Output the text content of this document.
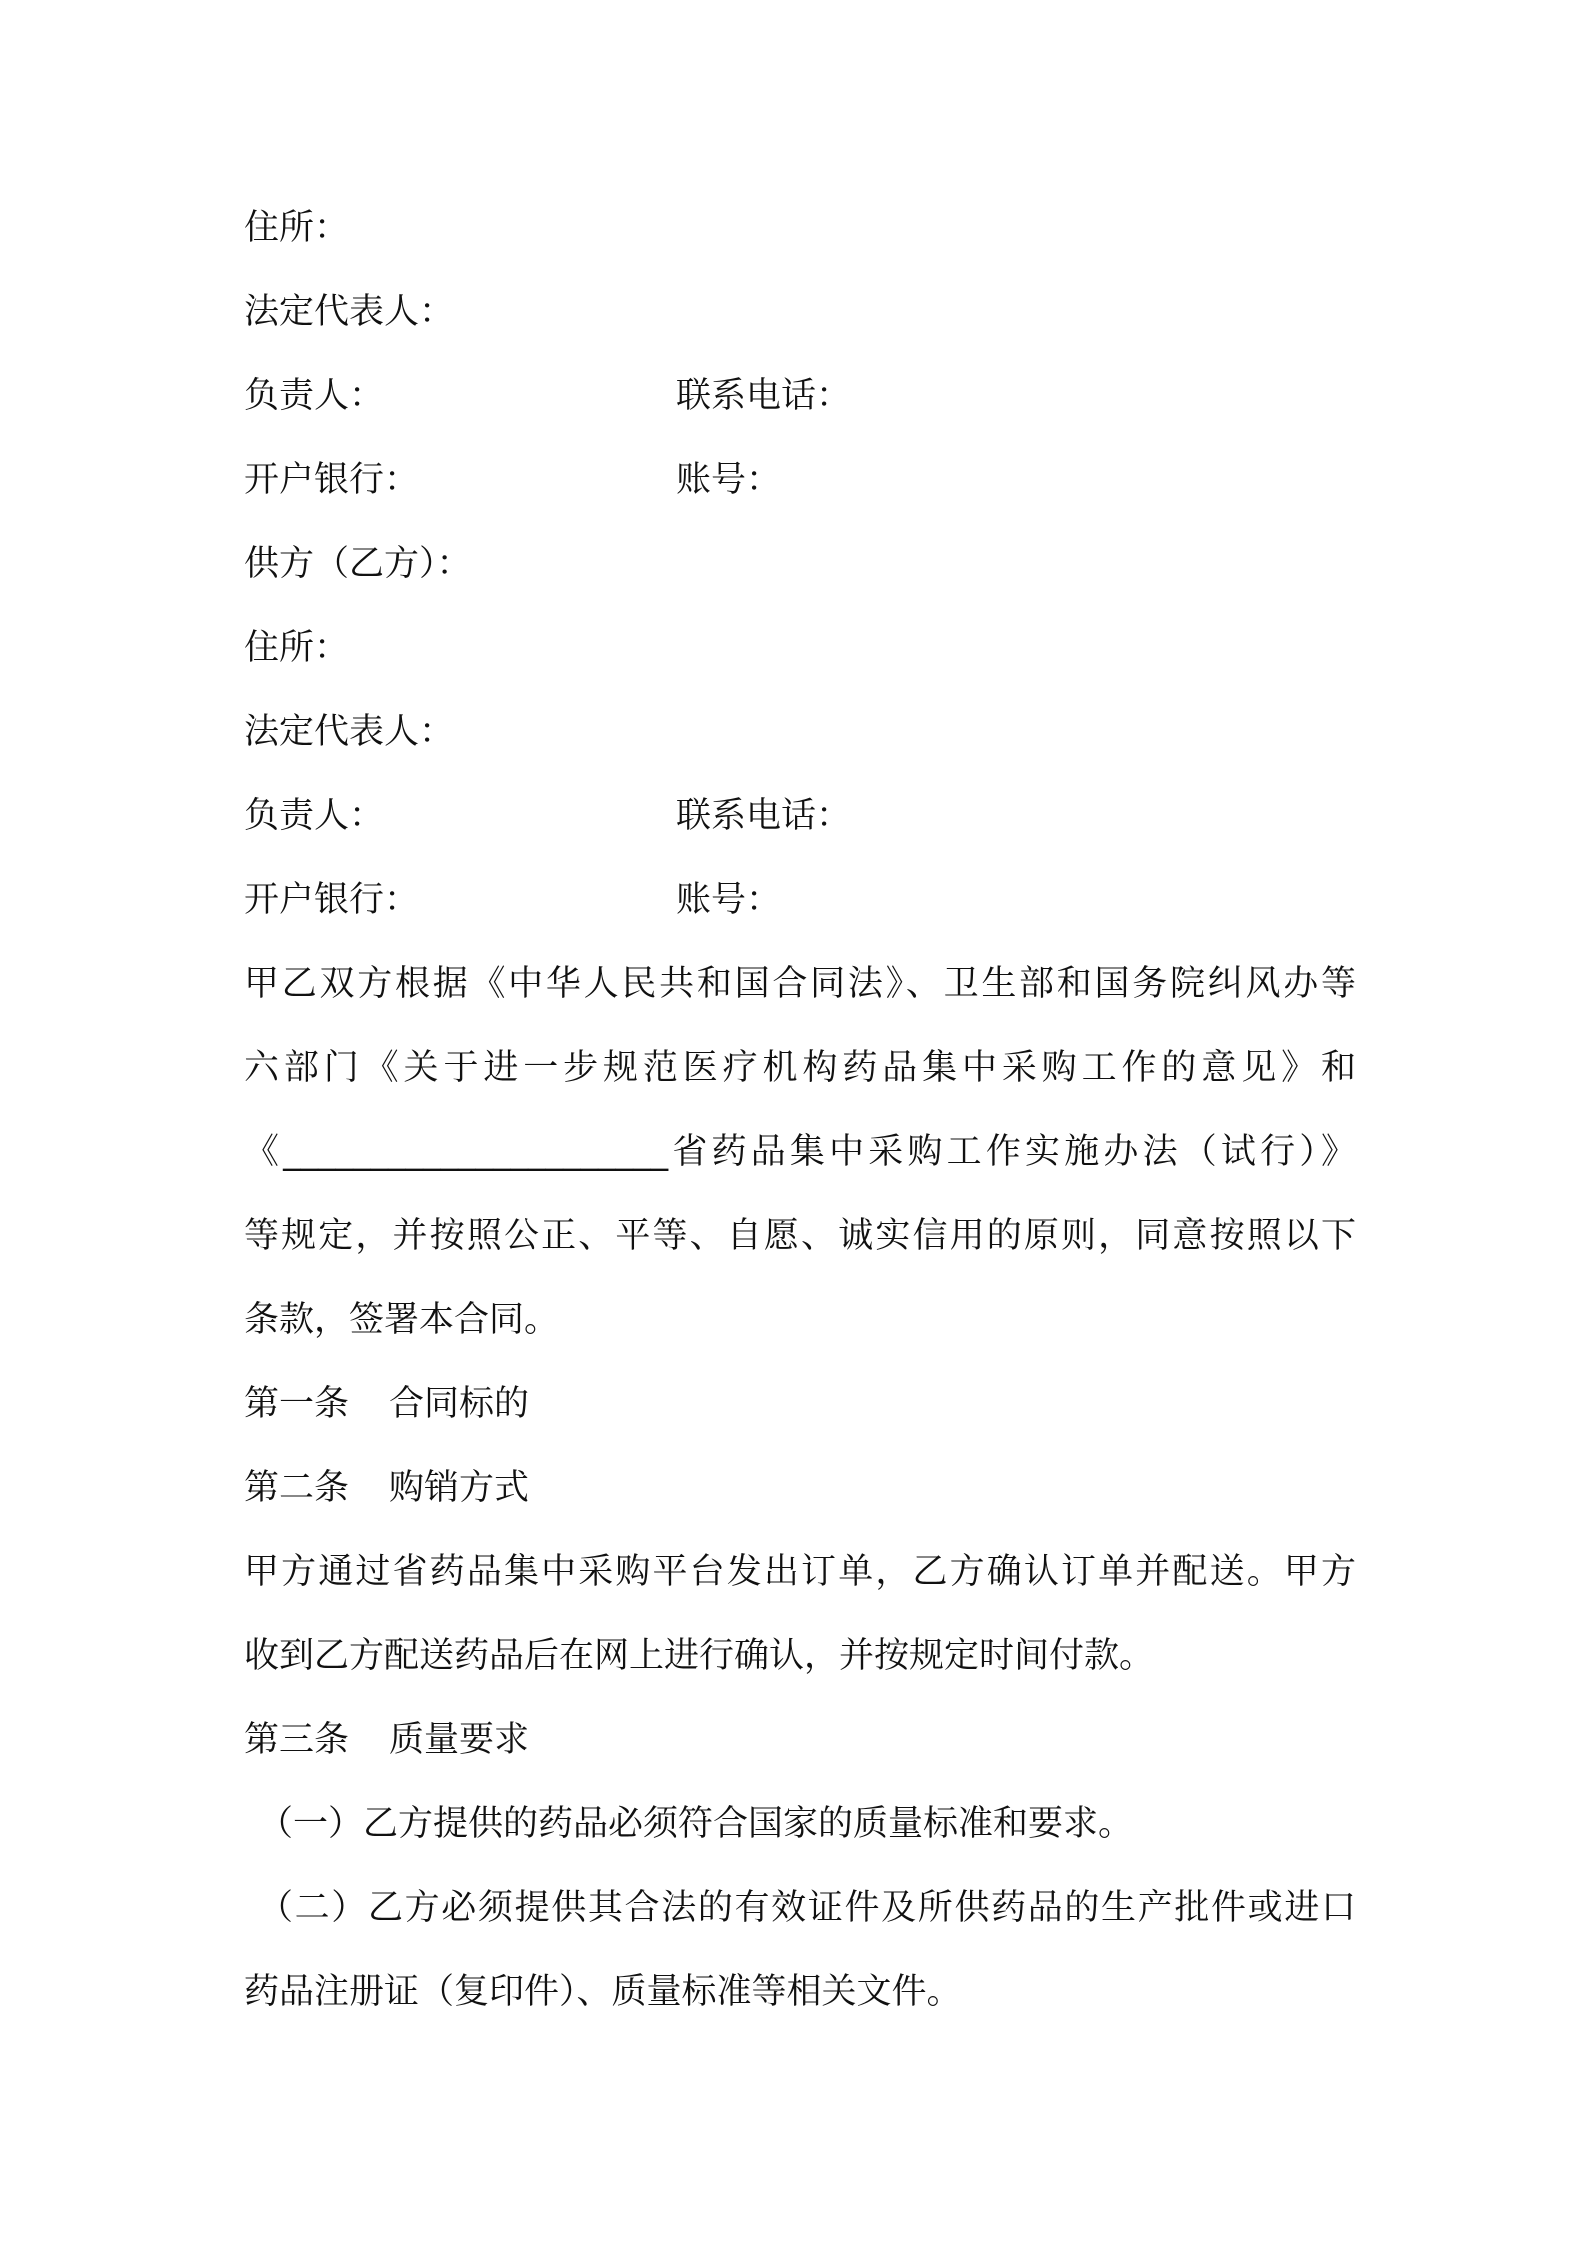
住所：

法定代表人：

负责人：	联系电话：
开户银行：	账号：

供方（乙方）：

住所：

法定代表人：

负责人：	联系电话：
开户银行：	账号：

甲乙双方根据《中华人民共和国合同法》、卫生部和国务院纠风办等

六部门《关于进一步规范医疗机构药品集中采购工作的意见》和

《______________________省药品集中采购工作实施办法（试行）》

等规定，并按照公正、平等、自愿、诚实信用的原则，同意按照以下

条款，签署本合同。

第一条 合同标的
第二条 购销方式

甲方通过省药品集中采购平台发出订单，乙方确认订单并配送。甲方

收到乙方配送药品后在网上进行确认，并按规定时间付款。

第三条 质量要求

（一）乙方提供的药品必须符合国家的质量标准和要求。

（二）乙方必须提供其合法的有效证件及所供药品的生产批件或进口

药品注册证（复印件）、质量标准等相关文件。
